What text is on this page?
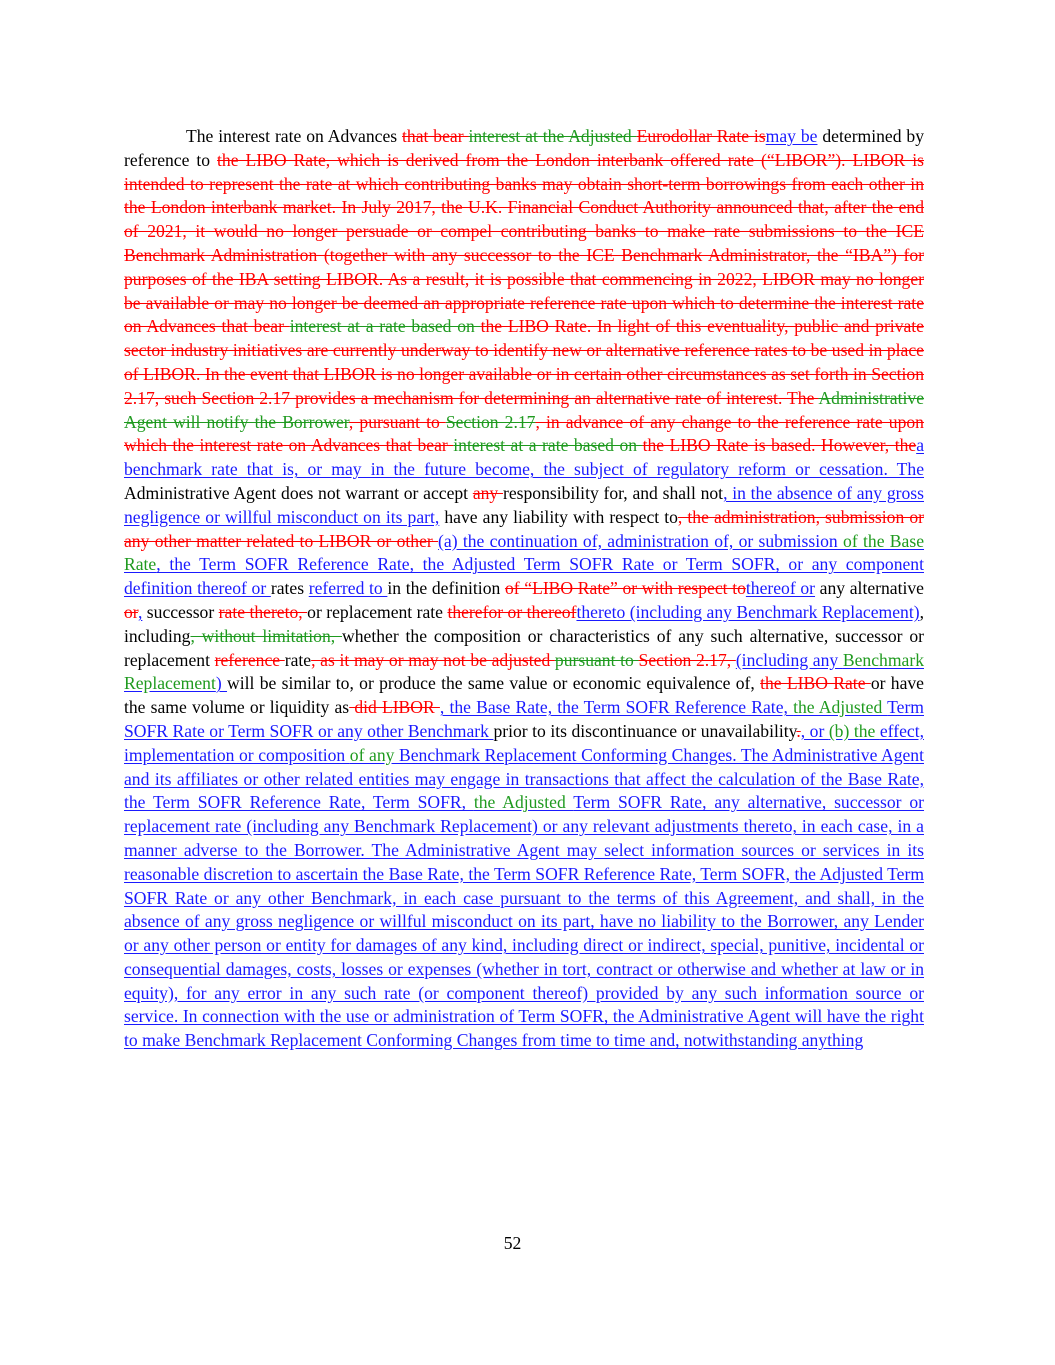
The interest rate on Advances that bear interest at the Adjusted Eurodollar Rate ismay be determined by reference to the LIBO Rate, which is derived from the London interbank offered rate (“LIBOR”). LIBOR is intended to represent the rate at which contributing banks may obtain short-term borrowings from each other in the London interbank market. In July 2017, the U.K. Financial Conduct Authority announced that, after the end of 2021, it would no longer persuade or compel contributing banks to make rate submissions to the ICE Benchmark Administration (together with any successor to the ICE Benchmark Administrator, the “IBA”) for purposes of the IBA setting LIBOR. As a result, it is possible that commencing in 2022, LIBOR may no longer be available or may no longer be deemed an appropriate reference rate upon which to determine the interest rate on Advances that bear interest at a rate based on the LIBO Rate. In light of this eventuality, public and private sector industry initiatives are currently underway to identify new or alternative reference rates to be used in place of LIBOR. In the event that LIBOR is no longer available or in certain other circumstances as set forth in Section 2.17, such Section 2.17 provides a mechanism for determining an alternative rate of interest. The Administrative Agent will notify the Borrower, pursuant to Section 2.17, in advance of any change to the reference rate upon which the interest rate on Advances that bear interest at a rate based on the LIBO Rate is based. However, thea benchmark rate that is, or may in the future become, the subject of regulatory reform or cessation. The Administrative Agent does not warrant or accept any responsibility for, and shall not, in the absence of any gross negligence or willful misconduct on its part, have any liability with respect to, the administration, submission or any other matter related to LIBOR or other (a) the continuation of, administration of, or submission of the Base Rate, the Term SOFR Reference Rate, the Adjusted Term SOFR Rate or Term SOFR, or any component definition thereof or rates referred to in the definition of “LIBO Rate” or with respect tothereof or any alternative or, successor rate thereto, or replacement rate therefor or thereofthereto (including any Benchmark Replacement), including, without limitation, whether the composition or characteristics of any such alternative, successor or replacement reference rate, as it may or may not be adjusted pursuant to Section 2.17, (including any Benchmark Replacement) will be similar to, or produce the same value or economic equivalence of, the LIBO Rate or have the same volume or liquidity as did LIBOR , the Base Rate, the Term SOFR Reference Rate, the Adjusted Term SOFR Rate or Term SOFR or any other Benchmark prior to its discontinuance or unavailability., or (b) the effect, implementation or composition of any Benchmark Replacement Conforming Changes. The Administrative Agent and its affiliates or other related entities may engage in transactions that affect the calculation of the Base Rate, the Term SOFR Reference Rate, Term SOFR, the Adjusted Term SOFR Rate, any alternative, successor or replacement rate (including any Benchmark Replacement) or any relevant adjustments thereto, in each case, in a manner adverse to the Borrower. The Administrative Agent may select information sources or services in its reasonable discretion to ascertain the Base Rate, the Term SOFR Reference Rate, Term SOFR, the Adjusted Term SOFR Rate or any other Benchmark, in each case pursuant to the terms of this Agreement, and shall, in the absence of any gross negligence or willful misconduct on its part, have no liability to the Borrower, any Lender or any other person or entity for damages of any kind, including direct or indirect, special, punitive, incidental or consequential damages, costs, losses or expenses (whether in tort, contract or otherwise and whether at law or in equity), for any error in any such rate (or component thereof) provided by any such information source or service. In connection with the use or administration of Term SOFR, the Administrative Agent will have the right to make Benchmark Replacement Conforming Changes from time to time and, notwithstanding anything

52
